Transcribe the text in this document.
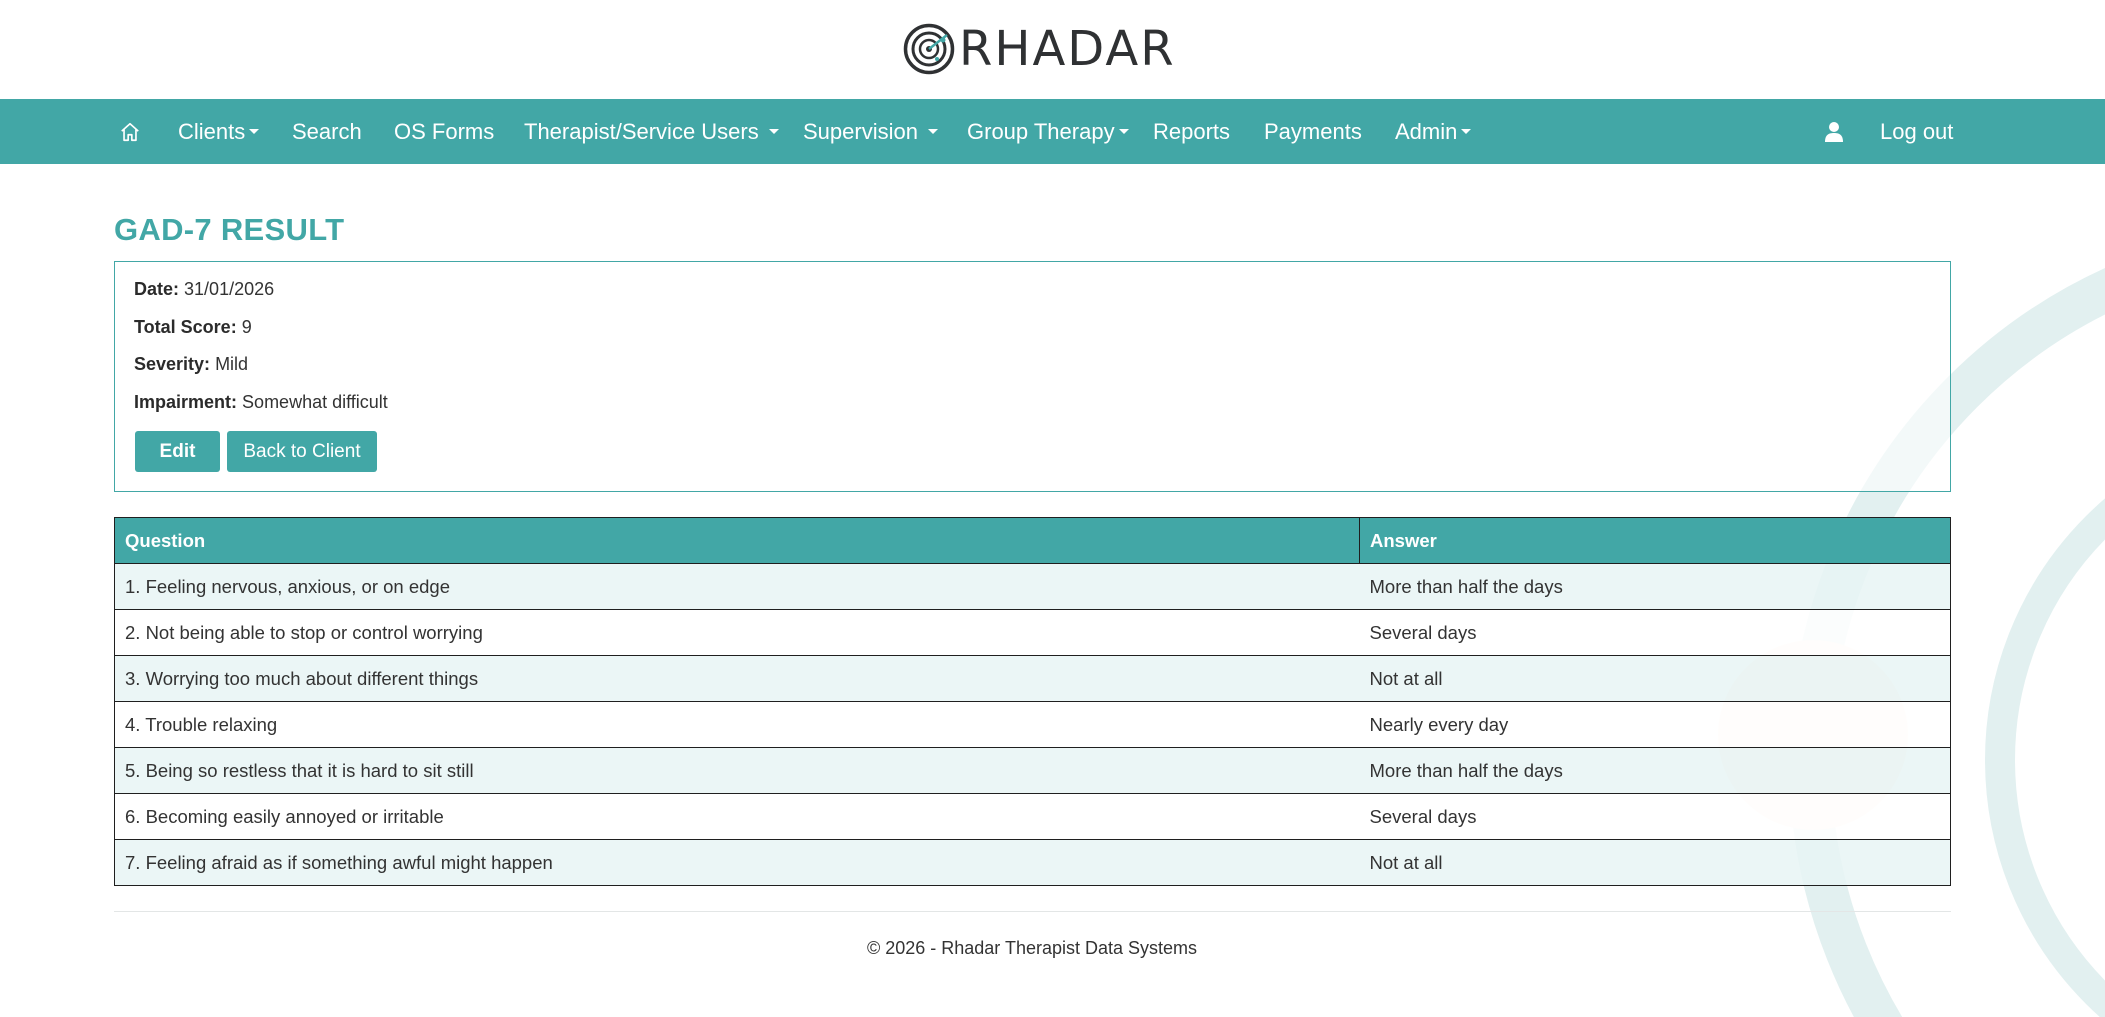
RHADAR
Clients Search OS Forms Therapist/Service Users Supervision Group Therapy Reports Payments Admin	Log out
GAD-7 RESULT
Date: 31/01/2026
Total Score: 9
Severity: Mild
Impairment: Somewhat difficult
Edit	Back to Client
Question	Answer
1. Feeling nervous, anxious, or on edge	More than half the days
2. Not being able to stop or control worrying	Several days
3. Worrying too much about different things	Not at all
4. Trouble relaxing	Nearly every day
5. Being so restless that it is hard to sit still	More than half the days
6. Becoming easily annoyed or irritable	Several days
7. Feeling afraid as if something awful might happen	Not at all
© 2026 - Rhadar Therapist Data Systems
